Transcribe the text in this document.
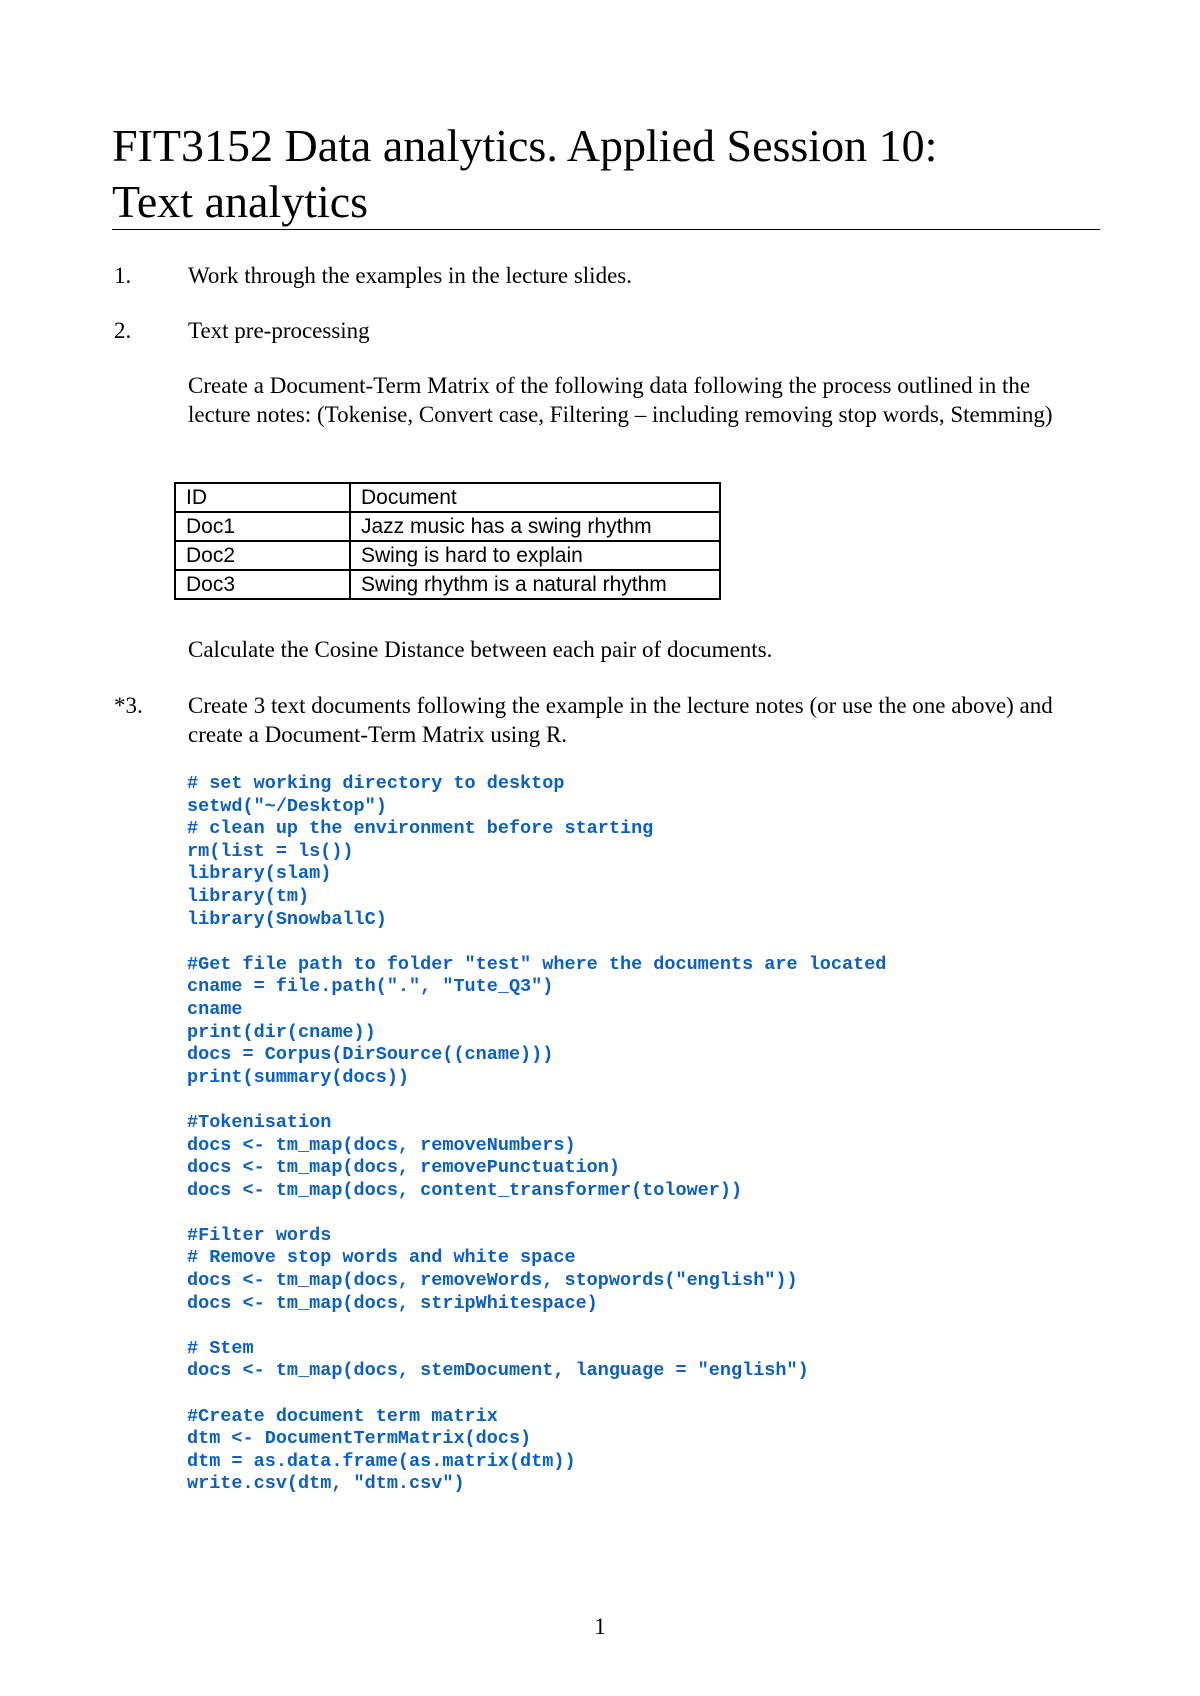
FIT3152 Data analytics. Applied Session 10:
Text analytics
1. Work through the examples in the lecture slides.

2. Text pre-processing

Create a Document-Term Matrix of the following data following the process outlined in the lecture notes: (Tokenise, Convert case, Filtering – including removing stop words, Stemming)

ID	Document
Doc1	Jazz music has a swing rhythm
Doc2	Swing is hard to explain
Doc3	Swing rhythm is a natural rhythm

Calculate the Cosine Distance between each pair of documents.

*3. Create 3 text documents following the example in the lecture notes (or use the one above) and create a Document-Term Matrix using R.

# set working directory to desktop
setwd("~/Desktop")
# clean up the environment before starting
rm(list = ls())
library(slam)
library(tm)
library(SnowballC)

#Get file path to folder "test" where the documents are located
cname = file.path(".", "Tute_Q3")
cname
print(dir(cname))
docs = Corpus(DirSource((cname)))
print(summary(docs))

#Tokenisation
docs <- tm_map(docs, removeNumbers)
docs <- tm_map(docs, removePunctuation)
docs <- tm_map(docs, content_transformer(tolower))

#Filter words
# Remove stop words and white space
docs <- tm_map(docs, removeWords, stopwords("english"))
docs <- tm_map(docs, stripWhitespace)

# Stem
docs <- tm_map(docs, stemDocument, language = "english")

#Create document term matrix
dtm <- DocumentTermMatrix(docs)
dtm = as.data.frame(as.matrix(dtm))
write.csv(dtm, "dtm.csv")

1
